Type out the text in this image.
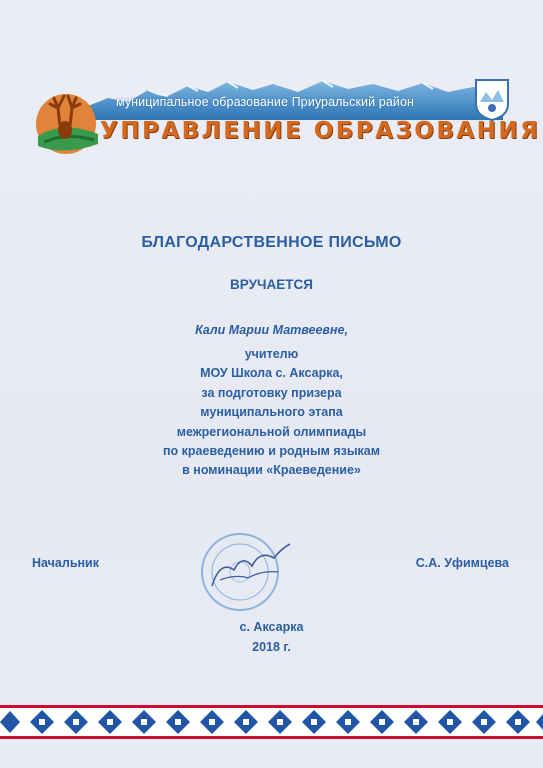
муниципальное образование Приуральский район
УПРАВЛЕНИЕ ОБРАЗОВАНИЯ
БЛАГОДАРСТВЕННОЕ ПИСЬМО
ВРУЧАЕТСЯ
Кали Марии Матвеевне,
учителю
МОУ Школа с. Аксарка,
за подготовку призера
муниципального этапа
межрегиональной олимпиады
по краеведению и родным языкам
в номинации «Краеведение»
Начальник	С.А. Уфимцева
с. Аксарка
2018 г.
